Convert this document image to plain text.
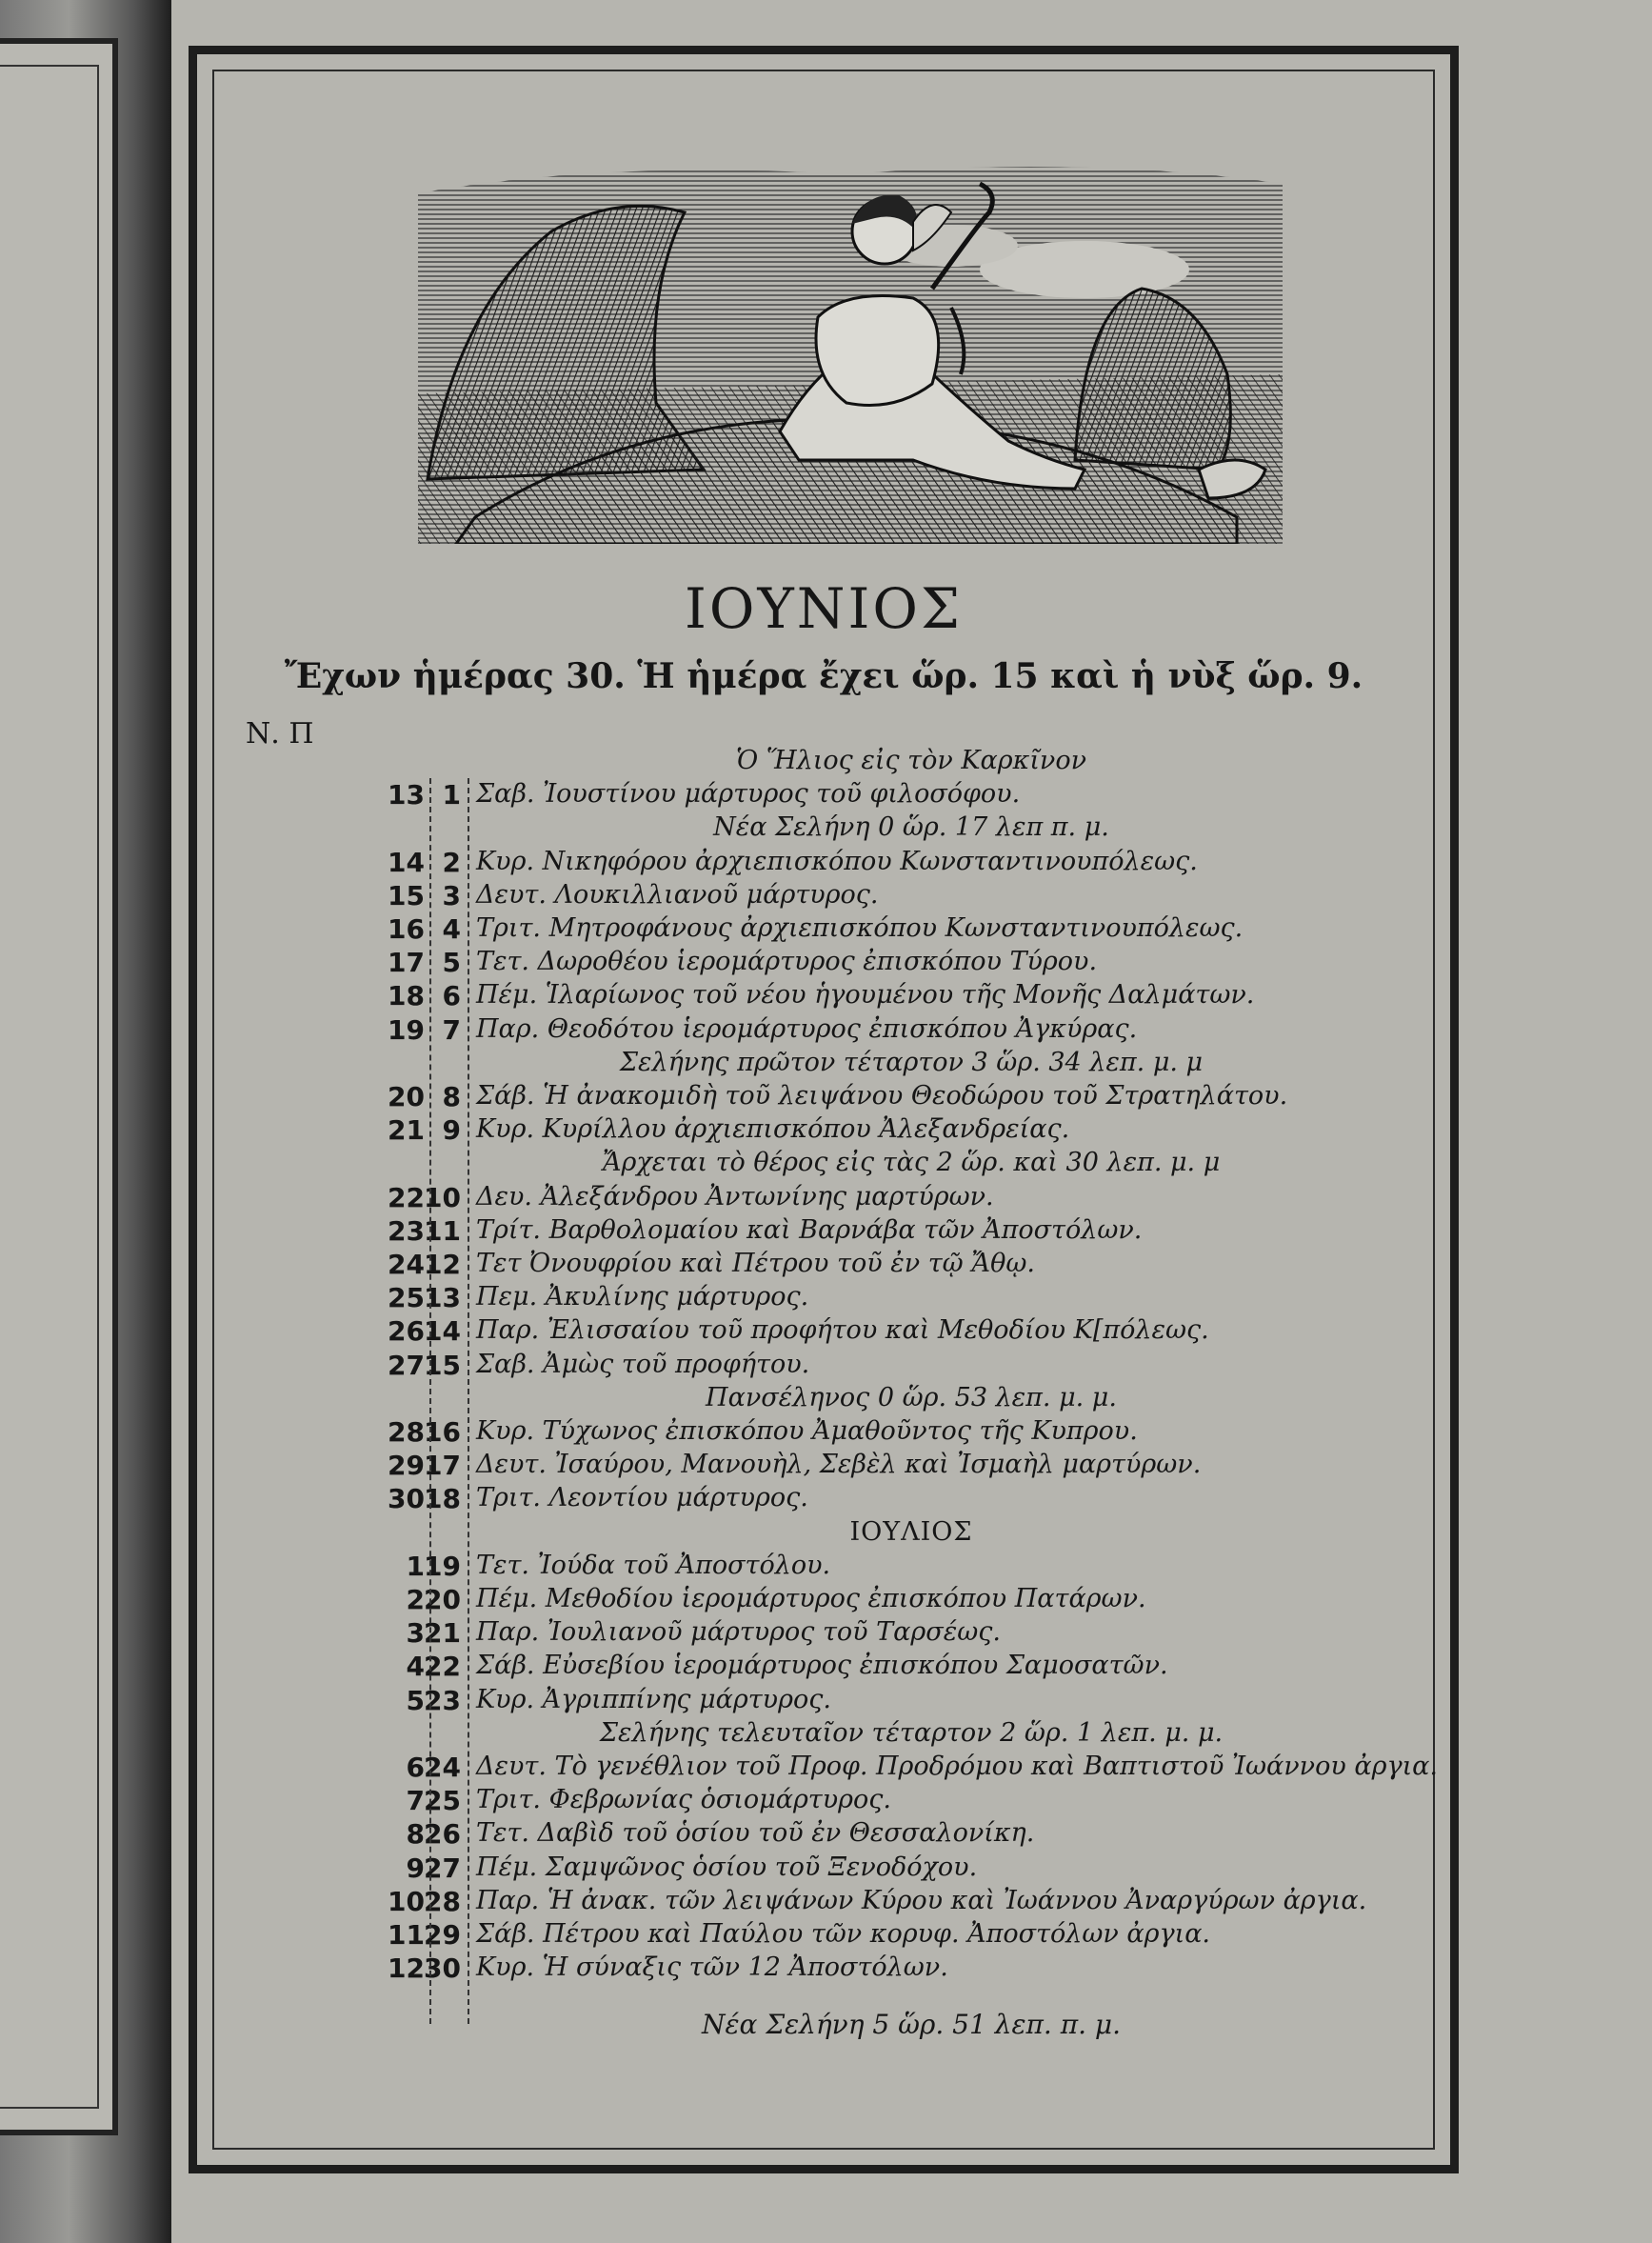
ΙΟΥΝΙΟΣ
Ἔχων ἡμέρας 30. Ἡ ἡμέρα ἔχει ὥρ. 15 καὶ ἡ νὺξ ὥρ. 9.
Ν. Π
Ὁ Ἥλιος εἰς τὸν Καρκῖνον
13 1 Σαβ. Ἰουστίνου μάρτυρος τοῦ φιλοσόφου.
Νέα Σελήνη 0 ὥρ. 17 λεπ π. μ.
14 2 Κυρ. Νικηφόρου ἀρχιεπισκόπου Κωνσταντινουπόλεως.
15 3 Δευτ. Λουκιλλιανοῦ μάρτυρος.
16 4 Τριτ. Μητροφάνους ἀρχιεπισκόπου Κωνσταντινουπόλεως.
17 5 Τετ. Δωροθέου ἱερομάρτυρος ἐπισκόπου Τύρου.
18 6 Πέμ. Ἱλαρίωνος τοῦ νέου ἡγουμένου τῆς Μονῆς Δαλμάτων.
19 7 Παρ. Θεοδότου ἱερομάρτυρος ἐπισκόπου Ἀγκύρας.
Σελήνης πρῶτον τέταρτον 3 ὥρ. 34 λεπ. μ. μ
20 8 Σάβ. Ἡ ἀνακομιδὴ τοῦ λειψάνου Θεοδώρου τοῦ Στρατηλάτου.
21 9 Κυρ. Κυρίλλου ἀρχιεπισκόπου Ἀλεξανδρείας.
Ἄρχεται τὸ θέρος εἰς τὰς 2 ὥρ. καὶ 30 λεπ. μ. μ
22 10 Δευ. Ἀλεξάνδρου Ἀντωνίνης μαρτύρων.
23 11 Τρίτ. Βαρθολομαίου καὶ Βαρνάβα τῶν Ἀποστόλων.
24 12 Τετ Ὀνουφρίου καὶ Πέτρου τοῦ ἐν τῷ Ἄθῳ.
25 13 Πεμ. Ἀκυλίνης μάρτυρος.
26 14 Παρ. Ἐλισσαίου τοῦ προφήτου καὶ Μεθοδίου Κ[πόλεως.
27 15 Σαβ. Ἀμὼς τοῦ προφήτου.
Πανσέληνος 0 ὥρ. 53 λεπ. μ. μ.
28 16 Κυρ. Τύχωνος ἐπισκόπου Ἀμαθοῦντος τῆς Κυπρου.
29 17 Δευτ. Ἰσαύρου, Μανουὴλ, Σεβὲλ καὶ Ἰσμαὴλ μαρτύρων.
30 18 Τριτ. Λεοντίου μάρτυρος.
ΙΟΥΛΙΟΣ
1 19 Τετ. Ἰούδα τοῦ Ἀποστόλου.
2 20 Πέμ. Μεθοδίου ἱερομάρτυρος ἐπισκόπου Πατάρων.
3 21 Παρ. Ἰουλιανοῦ μάρτυρος τοῦ Ταρσέως.
4 22 Σάβ. Εὐσεβίου ἱερομάρτυρος ἐπισκόπου Σαμοσατῶν.
5 23 Κυρ. Ἀγριππίνης μάρτυρος.
Σελήνης τελευταῖον τέταρτον 2 ὥρ. 1 λεπ. μ. μ.
6 24 Δευτ. Τὸ γενέθλιον τοῦ Προφ. Προδρόμου καὶ Βαπτιστοῦ Ἰωάννου ἀργια.
7 25 Τριτ. Φεβρωνίας ὁσιομάρτυρος.
8 26 Τετ. Δαβὶδ τοῦ ὁσίου τοῦ ἐν Θεσσαλονίκη.
9 27 Πέμ. Σαμψῶνος ὁσίου τοῦ Ξενοδόχου.
10 28 Παρ. Ἡ ἀνακ. τῶν λειψάνων Κύρου καὶ Ἰωάννου Ἀναργύρων ἀργια.
11 29 Σάβ. Πέτρου καὶ Παύλου τῶν κορυφ. Ἀποστόλων ἀργια.
12 30 Κυρ. Ἡ σύναξις τῶν 12 Ἀποστόλων.
Νέα Σελήνη 5 ὥρ. 51 λεπ. π. μ.
